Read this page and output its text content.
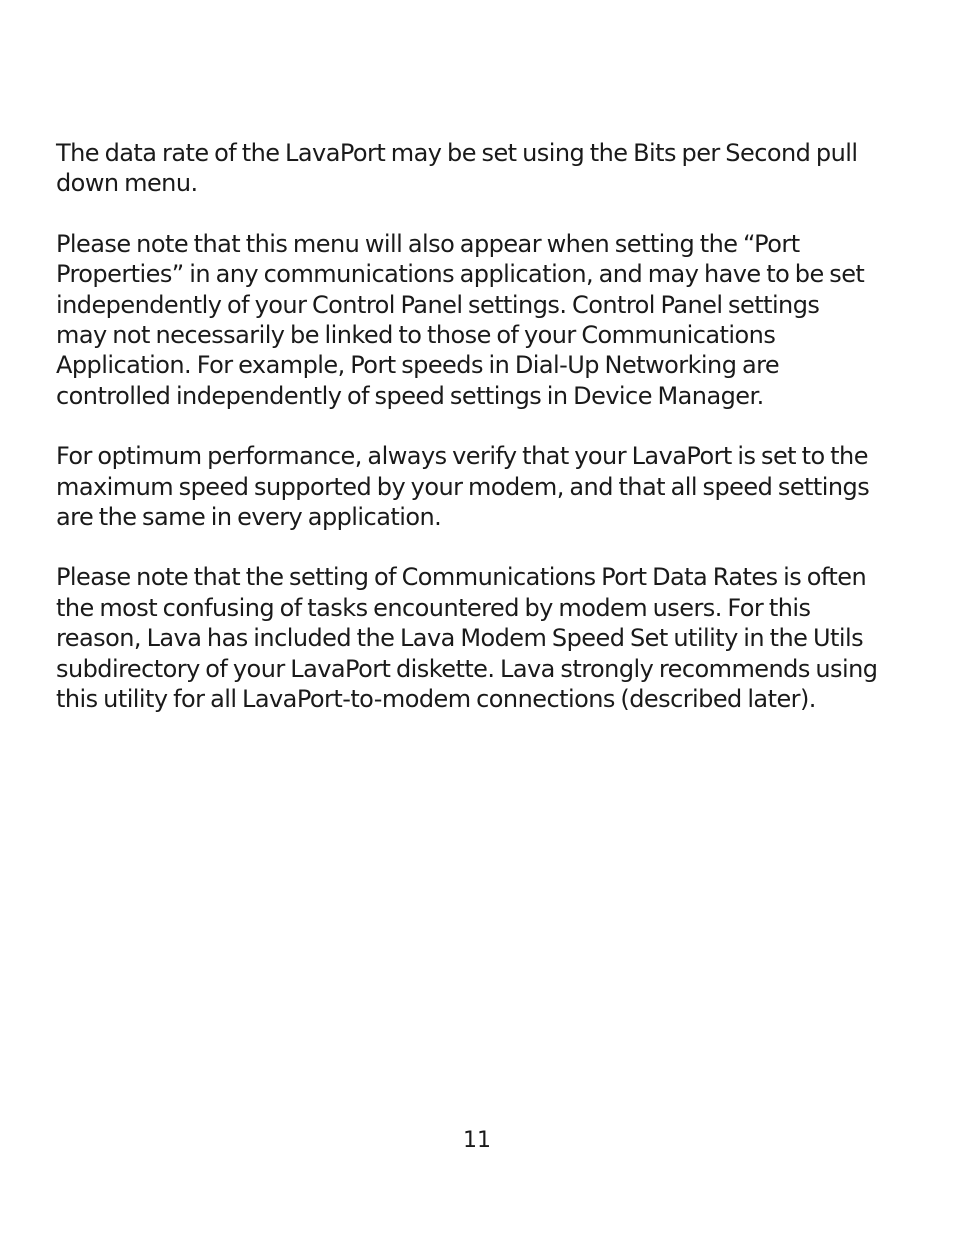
The data rate of the LavaPort may be set using the Bits per Second pull
down menu.

Please note that this menu will also appear when setting the “Port
Properties” in any communications application, and may have to be set
independently of your Control Panel settings. Control Panel settings
may not necessarily be linked to those of your Communications
Application. For example, Port speeds in Dial-Up Networking are
controlled independently of speed settings in Device Manager.

For optimum performance, always verify that your LavaPort is set to the
maximum speed supported by your modem, and that all speed settings
are the same in every application.

Please note that the setting of Communications Port Data Rates is often
the most confusing of tasks encountered by modem users. For this
reason, Lava has included the Lava Modem Speed Set utility in the Utils
subdirectory of your LavaPort diskette. Lava strongly recommends using
this utility for all LavaPort-to-modem connections (described later).

11
